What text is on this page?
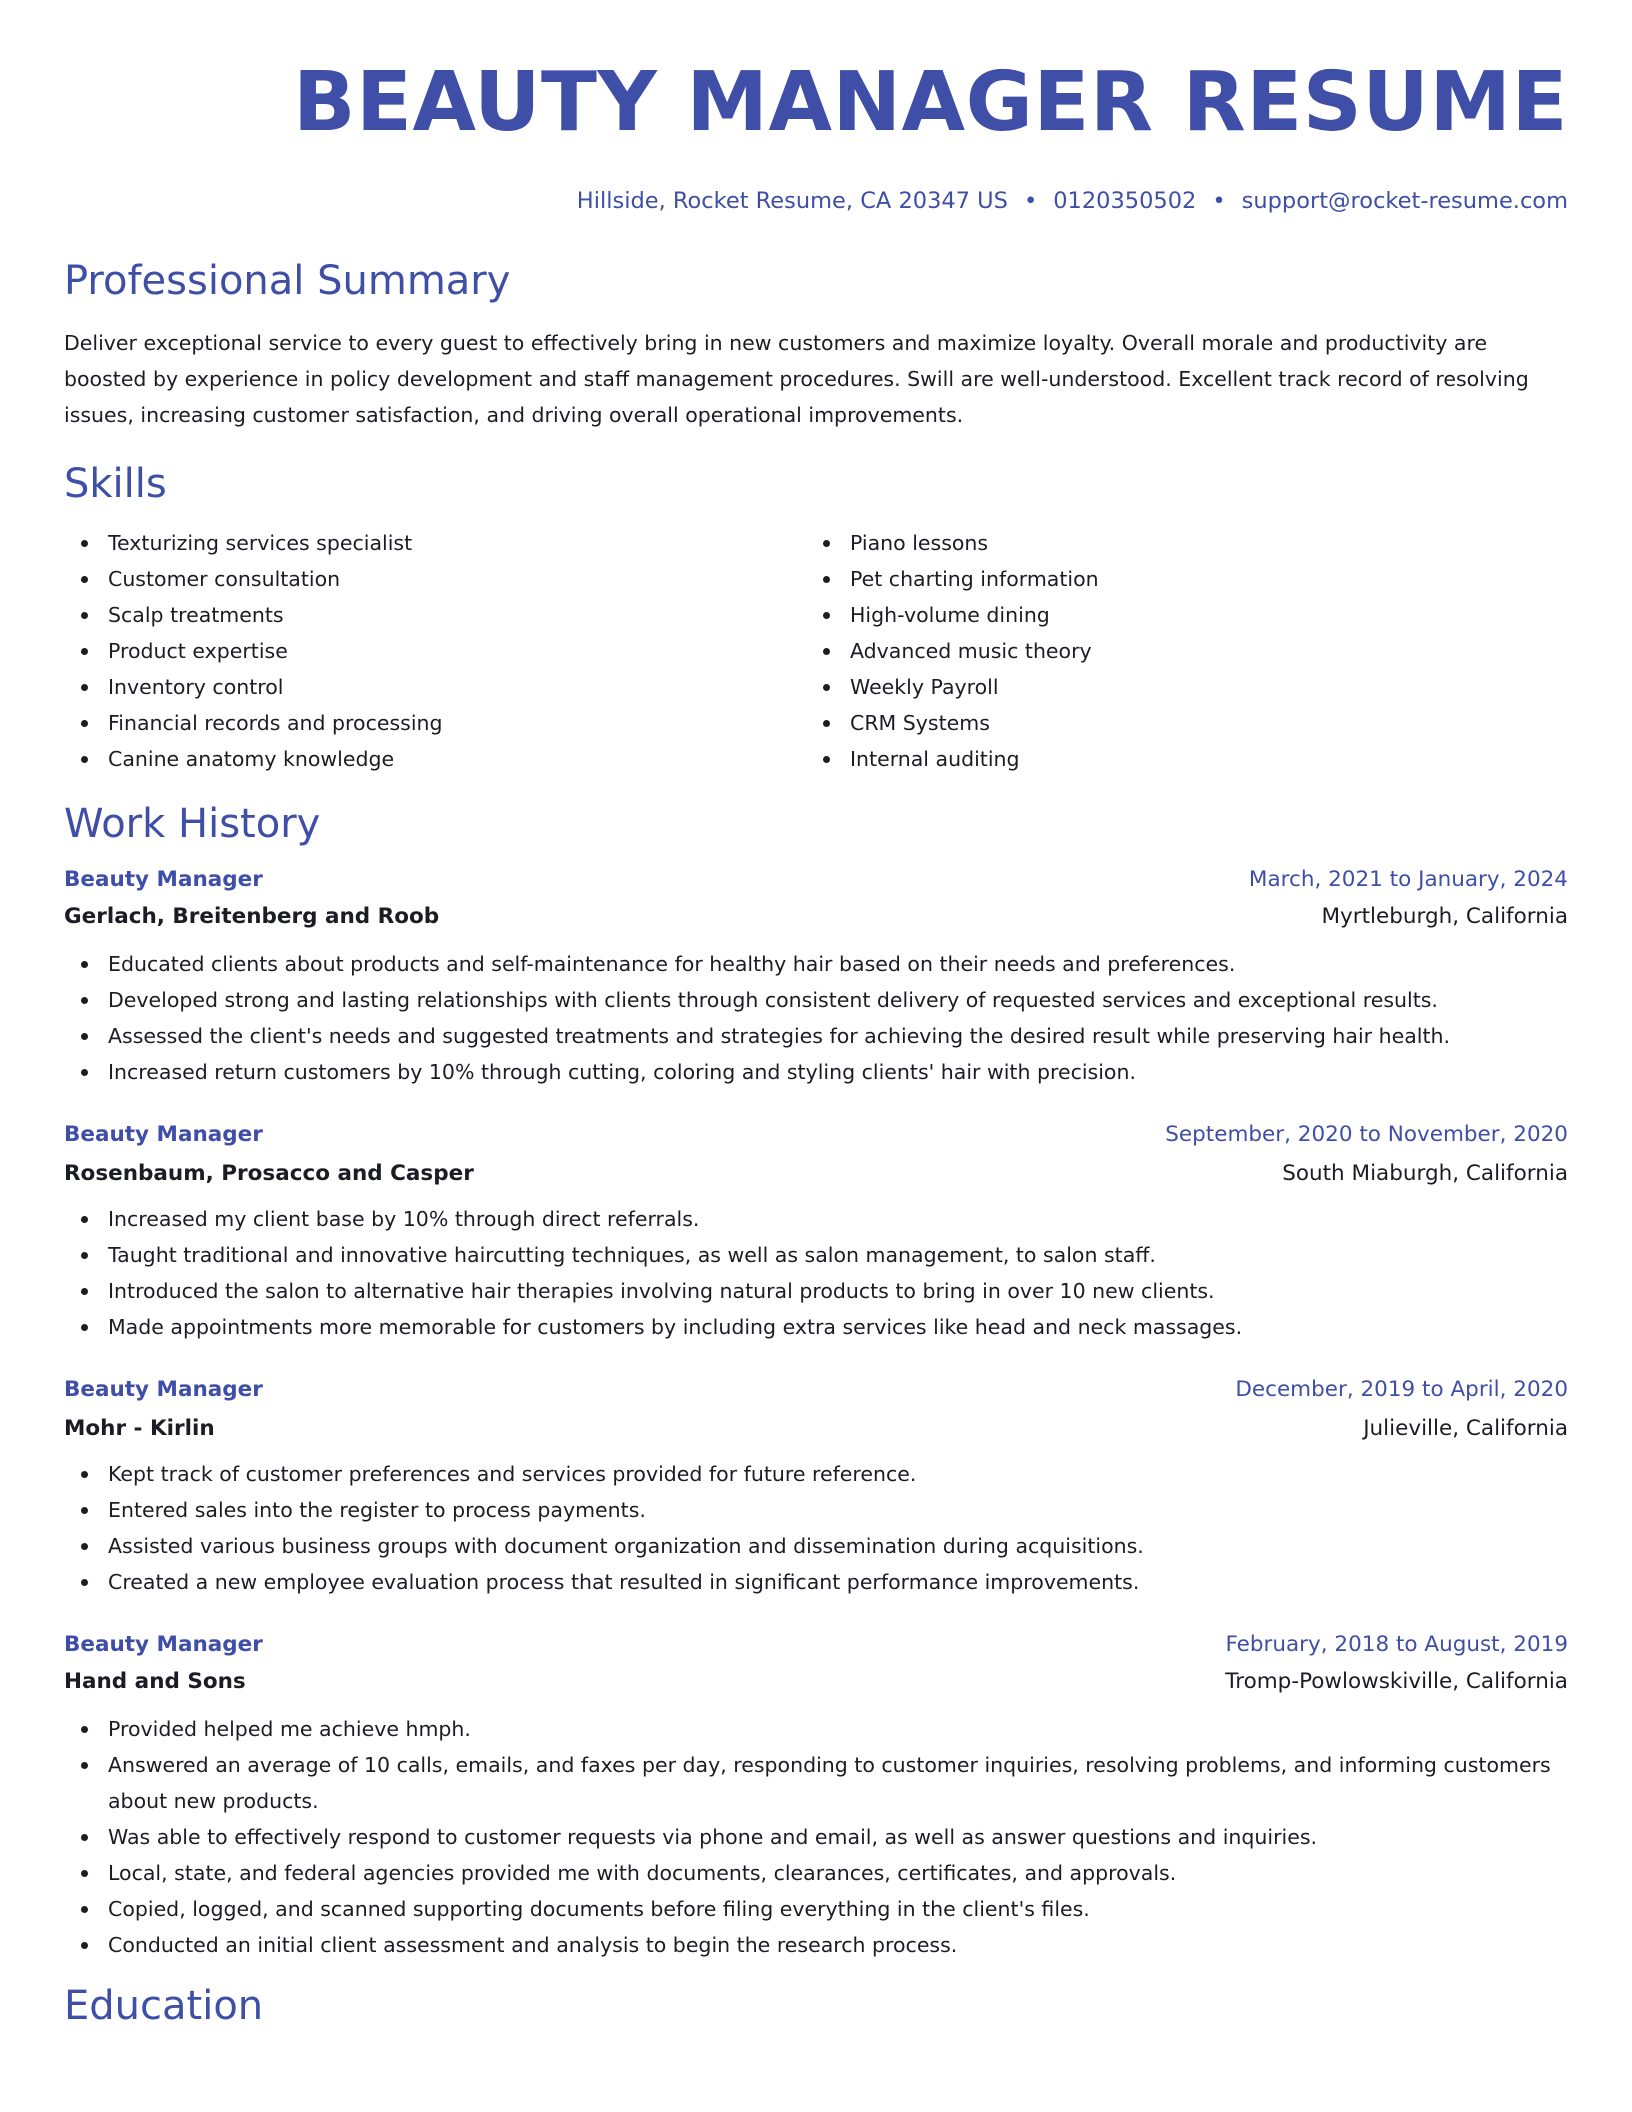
BEAUTY MANAGER RESUME
Hillside, Rocket Resume, CA 20347 US • 0120350502 • support@rocket-resume.com
Professional Summary
Deliver exceptional service to every guest to effectively bring in new customers and maximize loyalty. Overall morale and productivity are boosted by experience in policy development and staff management procedures. Swill are well-understood. Excellent track record of resolving issues, increasing customer satisfaction, and driving overall operational improvements.
Skills
Texturizing services specialist
Customer consultation
Scalp treatments
Product expertise
Inventory control
Financial records and processing
Canine anatomy knowledge
Piano lessons
Pet charting information
High-volume dining
Advanced music theory
Weekly Payroll
CRM Systems
Internal auditing
Work History
Beauty Manager	March, 2021 to January, 2024
Gerlach, Breitenberg and Roob	Myrtleburgh, California
Educated clients about products and self-maintenance for healthy hair based on their needs and preferences.
Developed strong and lasting relationships with clients through consistent delivery of requested services and exceptional results.
Assessed the client's needs and suggested treatments and strategies for achieving the desired result while preserving hair health.
Increased return customers by 10% through cutting, coloring and styling clients' hair with precision.
Beauty Manager	September, 2020 to November, 2020
Rosenbaum, Prosacco and Casper	South Miaburgh, California
Increased my client base by 10% through direct referrals.
Taught traditional and innovative haircutting techniques, as well as salon management, to salon staff.
Introduced the salon to alternative hair therapies involving natural products to bring in over 10 new clients.
Made appointments more memorable for customers by including extra services like head and neck massages.
Beauty Manager	December, 2019 to April, 2020
Mohr - Kirlin	Julieville, California
Kept track of customer preferences and services provided for future reference.
Entered sales into the register to process payments.
Assisted various business groups with document organization and dissemination during acquisitions.
Created a new employee evaluation process that resulted in significant performance improvements.
Beauty Manager	February, 2018 to August, 2019
Hand and Sons	Tromp-Powlowskiville, California
Provided helped me achieve hmph.
Answered an average of 10 calls, emails, and faxes per day, responding to customer inquiries, resolving problems, and informing customers about new products.
Was able to effectively respond to customer requests via phone and email, as well as answer questions and inquiries.
Local, state, and federal agencies provided me with documents, clearances, certificates, and approvals.
Copied, logged, and scanned supporting documents before filing everything in the client's files.
Conducted an initial client assessment and analysis to begin the research process.
Education
